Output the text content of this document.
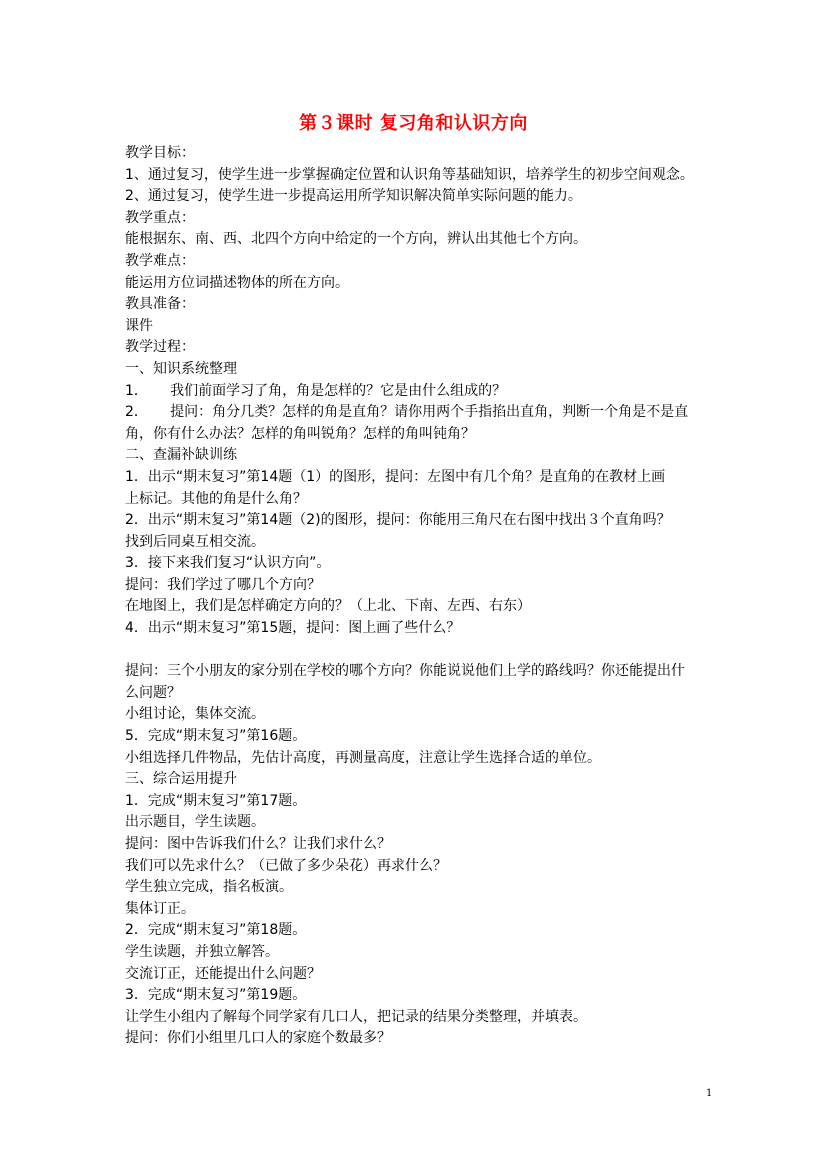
第３课时 复习角和认识方向
教学目标：
1、通过复习，使学生进一步掌握确定位置和认识角等基础知识，培养学生的初步空间观念。
2、通过复习，使学生进一步提高运用所学知识解决简单实际问题的能力。
教学重点：
能根据东、南、西、北四个方向中给定的一个方向，辨认出其他七个方向。
教学难点：
能运用方位词描述物体的所在方向。
教具准备：
课件
教学过程：
一、知识系统整理
1．     我们前面学习了角，角是怎样的？它是由什么组成的？
2．     提问：角分几类？怎样的角是直角？请你用两个手指掐出直角，判断一个角是不是直
角，你有什么办法？怎样的角叫锐角？怎样的角叫钝角？
二、查漏补缺训练
1．出示“期末复习”第14题（1）的图形，提问：左图中有几个角？是直角的在教材上画
上标记。其他的角是什么角？
2．出示“期末复习”第14题（2)的图形，提问：你能用三角尺在右图中找出３个直角吗？
找到后同桌互相交流。
3．接下来我们复习“认识方向”。
提问：我们学过了哪几个方向？
在地图上，我们是怎样确定方向的？（上北、下南、左西、右东）
4．出示“期末复习”第15题，提问：图上画了些什么？
提问：三个小朋友的家分别在学校的哪个方向？你能说说他们上学的路线吗？你还能提出什
么问题？
小组讨论，集体交流。
5．完成“期末复习”第16题。
小组选择几件物品，先估计高度，再测量高度，注意让学生选择合适的单位。
三、综合运用提升
1．完成“期末复习”第17题。
出示题目，学生读题。
提问：图中告诉我们什么？让我们求什么？
我们可以先求什么？（已做了多少朵花）再求什么？
学生独立完成，指名板演。
集体订正。
2．完成“期末复习”第18题。
学生读题，并独立解答。
交流订正，还能提出什么问题？
3．完成“期末复习”第19题。
让学生小组内了解每个同学家有几口人，把记录的结果分类整理，并填表。
提问：你们小组里几口人的家庭个数最多？
1
